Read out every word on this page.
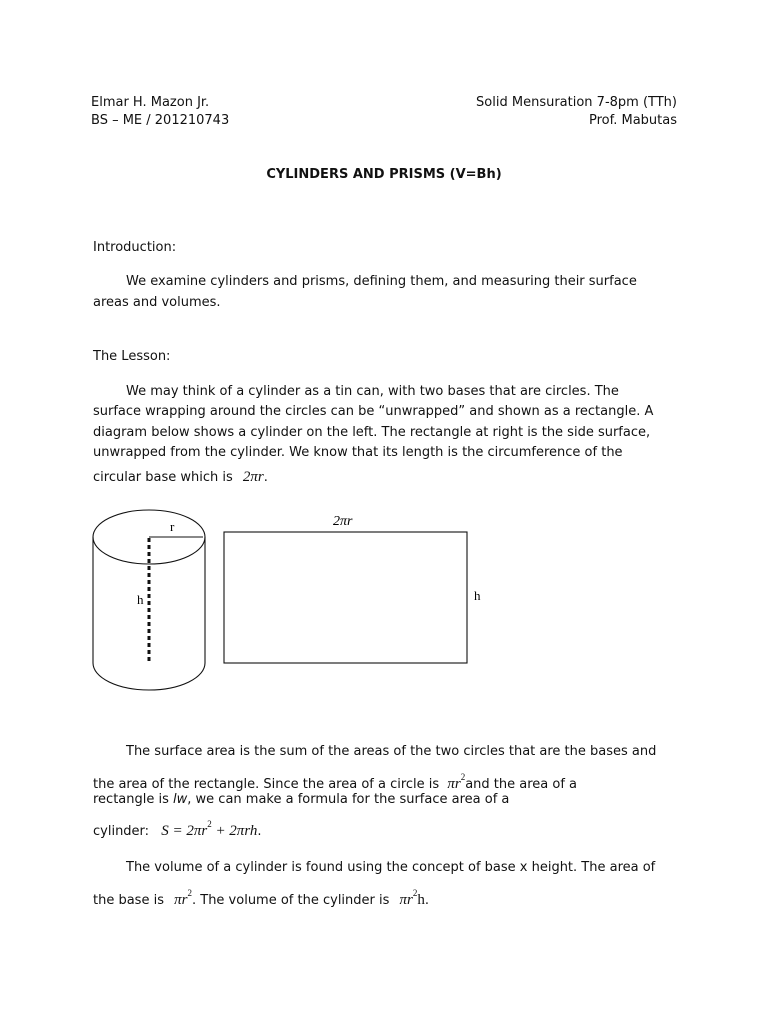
Elmar H. Mazon Jr.
BS – ME / 201210743
Solid Mensuration 7-8pm (TTh)
Prof. Mabutas
CYLINDERS AND PRISMS (V=Bh)
Introduction:
We examine cylinders and prisms, defining them, and measuring their surface
areas and volumes.
The Lesson:
We may think of a cylinder as a tin can, with two bases that are circles. The
surface wrapping around the circles can be “unwrapped” and shown as a rectangle. A
diagram below shows a cylinder on the left. The rectangle at right is the side surface,
unwrapped from the cylinder. We know that its length is the circumference of the
circular base which is 2πr.
r
h
2πr
h
The surface area is the sum of the areas of the two circles that are the bases and
the area of the rectangle. Since the area of a circle is $\pi r^2and$ the area of a
rectangle is lw, we can make a formula for the surface area of a
cylinder: $S = 2\pi r^2 + 2\pi rh$.
The volume of a cylinder is found using the concept of base x height. The area of
the base is $\pi r^2$. The volume of the cylinder is $\pi r^2h$.
